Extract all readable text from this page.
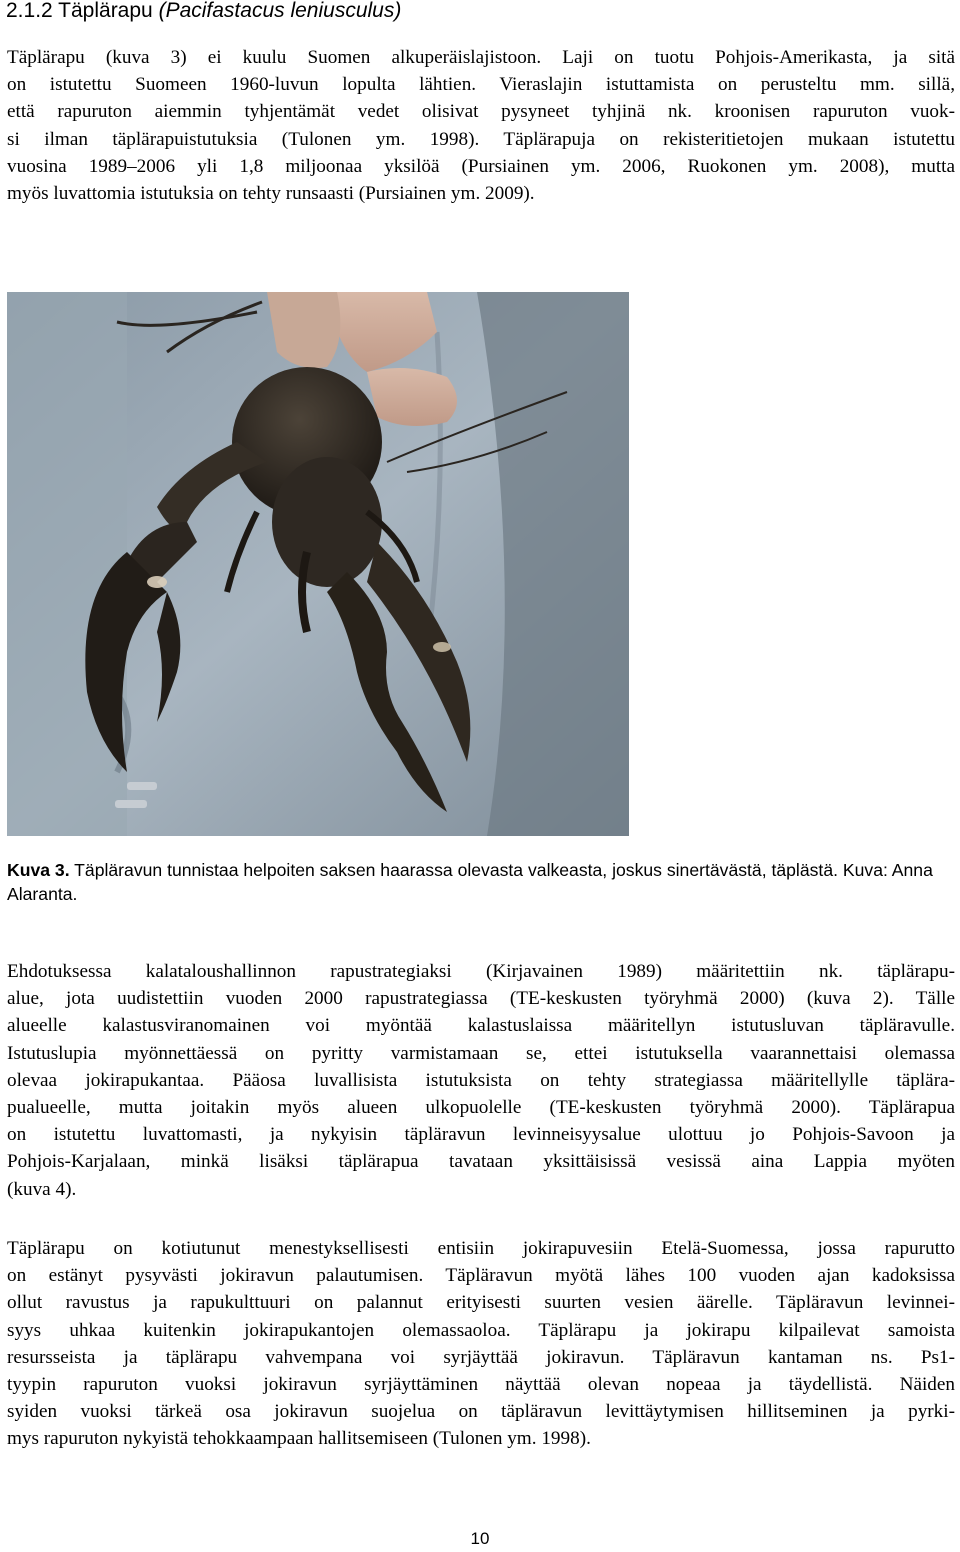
2.1.2 Täplärapu (Pacifastacus leniusculus)
Täplärapu (kuva 3) ei kuulu Suomen alkuperäislajistoon. Laji on tuotu Pohjois-Amerikasta, ja sitä
on istutettu Suomeen 1960-luvun lopulta lähtien. Vieraslajin istuttamista on perusteltu mm. sillä,
että rapuruton aiemmin tyhjentämät vedet olisivat pysyneet tyhjinä nk. kroonisen rapuruton vuok-
si ilman täplärapuistutuksia (Tulonen ym. 1998). Täplärapuja on rekisteritietojen mukaan istutettu
vuosina 1989–2006 yli 1,8 miljoonaa yksilöä (Pursiainen ym. 2006, Ruokonen ym. 2008), mutta
myös luvattomia istutuksia on tehty runsaasti (Pursiainen ym. 2009).
Kuva 3. Täpläravun tunnistaa helpoiten saksen haarassa olevasta valkeasta, joskus sinertävästä, täplästä. Kuva: Anna Alaranta.
Ehdotuksessa kalataloushallinnon rapustrategiaksi (Kirjavainen 1989) määritettiin nk. täplärapu-
alue, jota uudistettiin vuoden 2000 rapustrategiassa (TE-keskusten työryhmä 2000) (kuva 2). Tälle
alueelle kalastusviranomainen voi myöntää kalastuslaissa määritellyn istutusluvan täpläravulle.
Istutuslupia myönnettäessä on pyritty varmistamaan se, ettei istutuksella vaarannettaisi olemassa
olevaa jokirapukantaa. Pääosa luvallisista istutuksista on tehty strategiassa määritellylle täplära-
pualueelle, mutta joitakin myös alueen ulkopuolelle (TE-keskusten työryhmä 2000). Täplärapua
on istutettu luvattomasti, ja nykyisin täpläravun levinneisyysalue ulottuu jo Pohjois-Savoon ja
Pohjois-Karjalaan, minkä lisäksi täplärapua tavataan yksittäisissä vesissä aina Lappia myöten
(kuva 4).
Täplärapu on kotiutunut menestyksellisesti entisiin jokirapuvesiin Etelä-Suomessa, jossa rapurutto
on estänyt pysyvästi jokiravun palautumisen. Täpläravun myötä lähes 100 vuoden ajan kadoksissa
ollut ravustus ja rapukulttuuri on palannut erityisesti suurten vesien äärelle. Täpläravun levinnei-
syys uhkaa kuitenkin jokirapukantojen olemassaoloa. Täplärapu ja jokirapu kilpailevat samoista
resursseista ja täplärapu vahvempana voi syrjäyttää jokiravun. Täpläravun kantaman ns. Ps1-
tyypin rapuruton vuoksi jokiravun syrjäyttäminen näyttää olevan nopeaa ja täydellistä. Näiden
syiden vuoksi tärkeä osa jokiravun suojelua on täpläravun levittäytymisen hillitseminen ja pyrki-
mys rapuruton nykyistä tehokkaampaan hallitsemiseen (Tulonen ym. 1998).
10
